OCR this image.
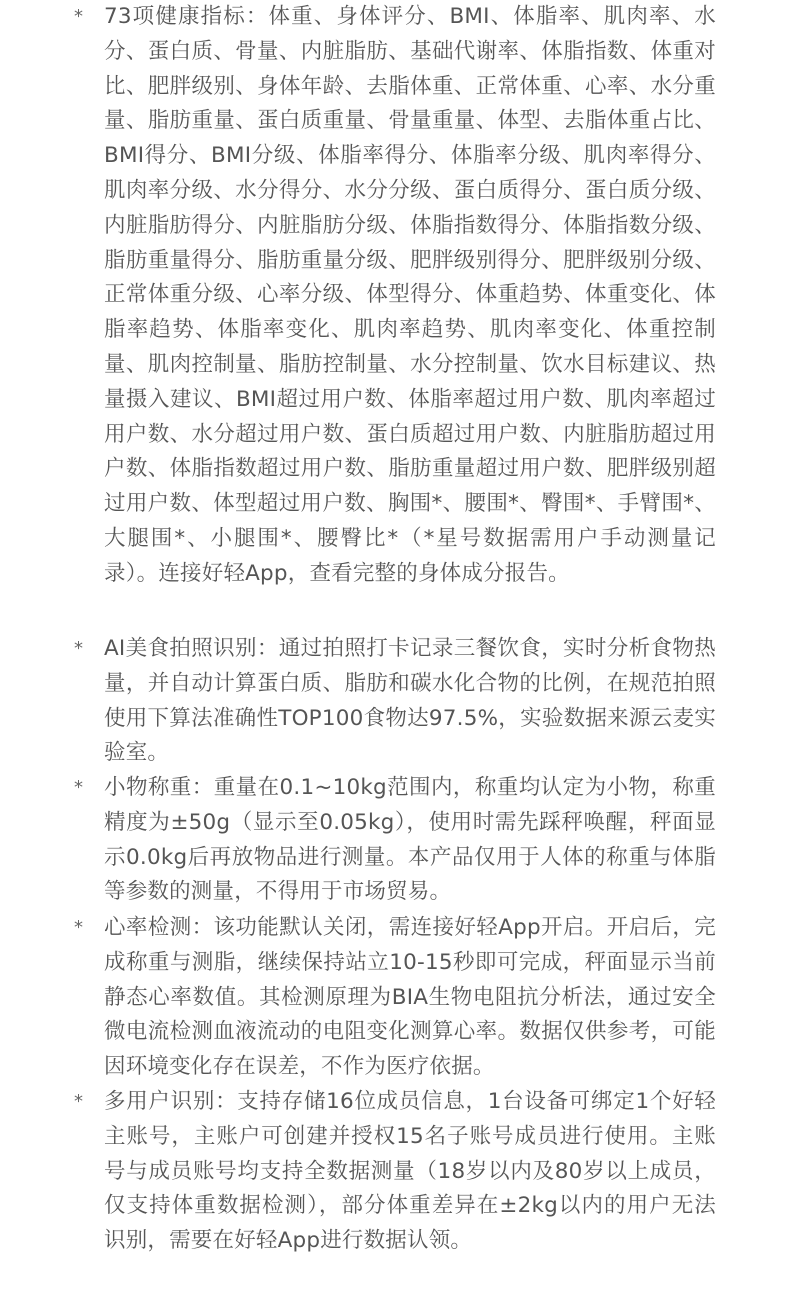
* 73项健康指标：体重、身体评分、BMI、体脂率、肌肉率、水分、蛋白质、骨量、内脏脂肪、基础代谢率、体脂指数、体重对比、肥胖级别、身体年龄、去脂体重、正常体重、心率、水分重量、脂肪重量、蛋白质重量、骨量重量、体型、去脂体重占比、BMI得分、BMI分级、体脂率得分、体脂率分级、肌肉率得分、肌肉率分级、水分得分、水分分级、蛋白质得分、蛋白质分级、内脏脂肪得分、内脏脂肪分级、体脂指数得分、体脂指数分级、脂肪重量得分、脂肪重量分级、肥胖级别得分、肥胖级别分级、正常体重分级、心率分级、体型得分、体重趋势、体重变化、体脂率趋势、体脂率变化、肌肉率趋势、肌肉率变化、体重控制量、肌肉控制量、脂肪控制量、水分控制量、饮水目标建议、热量摄入建议、BMI超过用户数、体脂率超过用户数、肌肉率超过用户数、水分超过用户数、蛋白质超过用户数、内脏脂肪超过用户数、体脂指数超过用户数、脂肪重量超过用户数、肥胖级别超过用户数、体型超过用户数、胸围*、腰围*、臀围*、手臂围*、大腿围*、小腿围*、腰臀比*（*星号数据需用户手动测量记录）。连接好轻App，查看完整的身体成分报告。
* AI美食拍照识别：通过拍照打卡记录三餐饮食，实时分析食物热量，并自动计算蛋白质、脂肪和碳水化合物的比例，在规范拍照使用下算法准确性TOP100食物达97.5%，实验数据来源云麦实验室。
* 小物称重：重量在0.1~10kg范围内，称重均认定为小物，称重精度为±50g（显示至0.05kg），使用时需先踩秤唤醒，秤面显示0.0kg后再放物品进行测量。本产品仅用于人体的称重与体脂等参数的测量，不得用于市场贸易。
* 心率检测：该功能默认关闭，需连接好轻App开启。开启后，完成称重与测脂，继续保持站立10-15秒即可完成，秤面显示当前静态心率数值。其检测原理为BIA生物电阻抗分析法，通过安全微电流检测血液流动的电阻变化测算心率。数据仅供参考，可能因环境变化存在误差，不作为医疗依据。
* 多用户识别：支持存储16位成员信息，1台设备可绑定1个好轻主账号，主账户可创建并授权15名子账号成员进行使用。主账号与成员账号均支持全数据测量（18岁以内及80岁以上成员，仅支持体重数据检测），部分体重差异在±2kg以内的用户无法识别，需要在好轻App进行数据认领。
